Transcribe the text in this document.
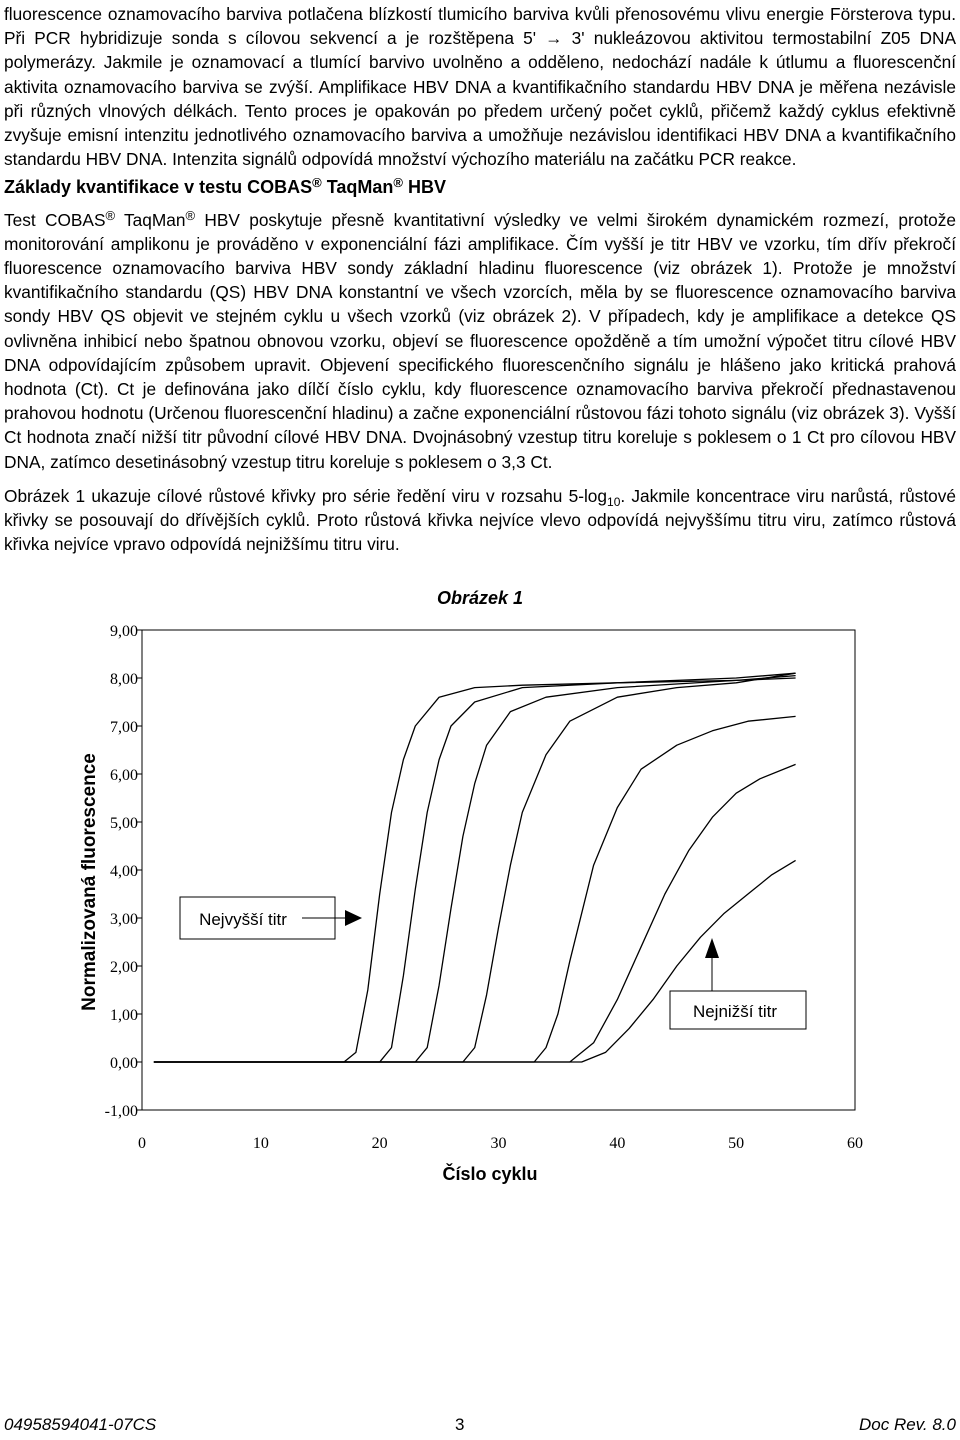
fluorescence oznamovacího barviva potlačena blízkostí tlumicího barviva kvůli přenosovému vlivu energie Försterova typu. Při PCR hybridizuje sonda s cílovou sekvencí a je rozštěpena 5' → 3' nukleázovou aktivitou termostabilní Z05 DNA polymerázy. Jakmile je oznamovací a tlumící barvivo uvolněno a odděleno, nedochází nadále k útlumu a fluorescenční aktivita oznamovacího barviva se zvýší. Amplifikace HBV DNA a kvantifikačního standardu HBV DNA je měřena nezávisle při různých vlnových délkách. Tento proces je opakován po předem určený počet cyklů, přičemž každý cyklus efektivně zvyšuje emisní intenzitu jednotlivého oznamovacího barviva a umožňuje nezávislou identifikaci HBV DNA a kvantifikačního standardu HBV DNA. Intenzita signálů odpovídá množství výchozího materiálu na začátku PCR reakce.

Základy kvantifikace v testu COBAS® TaqMan® HBV

Test COBAS® TaqMan® HBV poskytuje přesně kvantitativní výsledky ve velmi širokém dynamickém rozmezí, protože monitorování amplikonu je prováděno v exponenciální fázi amplifikace. Čím vyšší je titr HBV ve vzorku, tím dřív překročí fluorescence oznamovacího barviva HBV sondy základní hladinu fluorescence (viz obrázek 1). Protože je množství kvantifikačního standardu (QS) HBV DNA konstantní ve všech vzorcích, měla by se fluorescence oznamovacího barviva sondy HBV QS objevit ve stejném cyklu u všech vzorků (viz obrázek 2). V případech, kdy je amplifikace a detekce QS ovlivněna inhibicí nebo špatnou obnovou vzorku, objeví se fluorescence opožděně a tím umožní výpočet titru cílové HBV DNA odpovídajícím způsobem upravit. Objevení specifického fluorescenčního signálu je hlášeno jako kritická prahová hodnota (Ct). Ct je definována jako dílčí číslo cyklu, kdy fluorescence oznamovacího barviva překročí přednastavenou prahovou hodnotu (Určenou fluorescenční hladinu) a začne exponenciální růstovou fázi tohoto signálu (viz obrázek 3). Vyšší Ct hodnota značí nižší titr původní cílové HBV DNA. Dvojnásobný vzestup titru koreluje s poklesem o 1 Ct pro cílovou HBV DNA, zatímco desetinásobný vzestup titru koreluje s poklesem o 3,3 Ct.

Obrázek 1 ukazuje cílové růstové křivky pro série ředění viru v rozsahu $5-\log_{10}$. Jakmile koncentrace viru narůstá, růstové křivky se posouvají do dřívějších cyklů. Proto růstová křivka nejvíce vlevo odpovídá nejvyššímu titru viru, zatímco růstová křivka nejvíce vpravo odpovídá nejnižšímu titru viru.

Obrázek 1
9,00
8,00
7,00
6,00
5,00
4,00
3,00
2,00
1,00
0,00
-1,00
0	10	20	30	40	50	60
Normalizovaná fluorescence
Číslo cyklu
Nejvyšší titr
Nejnižší titr
04958594041-07CS	3	Doc Rev. 8.0
